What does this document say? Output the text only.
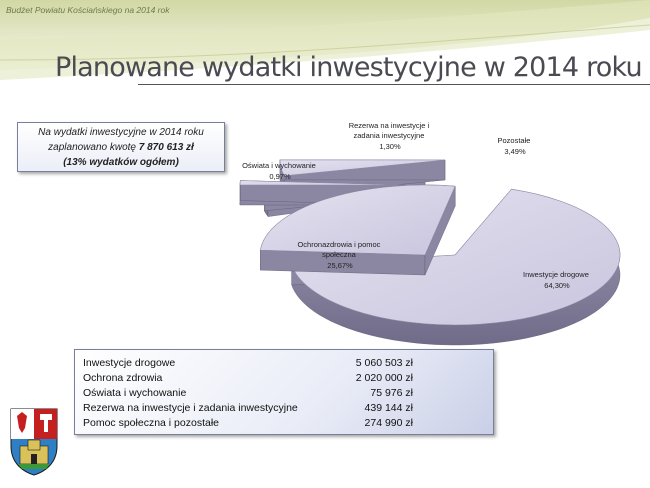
Budżet Powiatu Kościańskiego na 2014 rok
Planowane wydatki inwestycyjne w 2014 roku
Na wydatki inwestycyjne w 2014 roku
zaplanowano kwotę 7 870 613 zł
(13% wydatków ogółem)
Inwestycje drogowe 64,30%
Rezerwa na inwestycje i zadania inwestycyjne 1,30%
Pozostałe 3,49%
Oświata i wychowanie 0,97%
Ochronazdrowia i pomoc społeczna 25,67%
Inwestycje drogowe	5 060 503 zł
Ochrona zdrowia	2 020 000 zł
Oświata i wychowanie	75 976 zł
Rezerwa na inwestycje i zadania inwestycyjne	439 144 zł
Pomoc społeczna i pozostałe	274 990 zł
